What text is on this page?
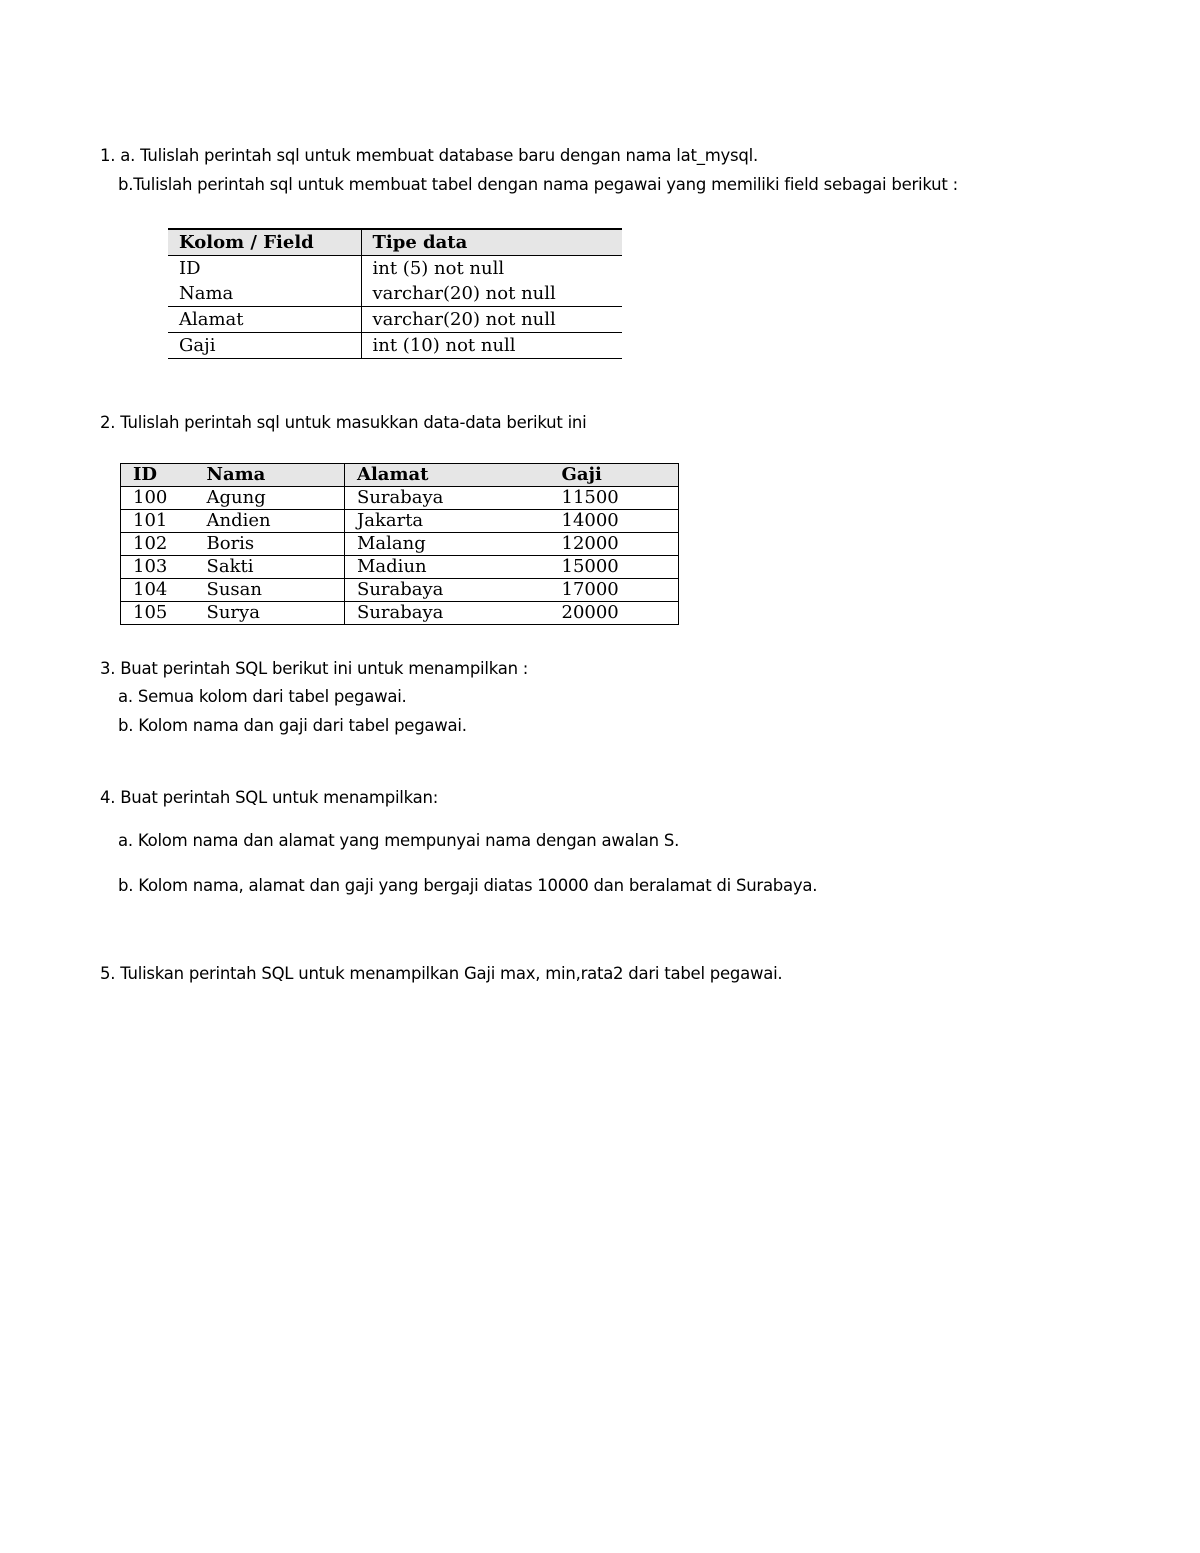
1. a. Tulislah perintah sql untuk membuat database baru dengan nama lat_mysql.
b.Tulislah perintah sql untuk membuat tabel dengan nama pegawai yang memiliki field sebagai berikut :
Kolom / Field	Tipe data
ID	int (5) not null
Nama	varchar(20) not null
Alamat	varchar(20) not null
Gaji	int (10) not null
2. Tulislah perintah sql untuk masukkan data-data berikut ini
ID	Nama	Alamat	Gaji
100	Agung	Surabaya	11500
101	Andien	Jakarta	14000
102	Boris	Malang	12000
103	Sakti	Madiun	15000
104	Susan	Surabaya	17000
105	Surya	Surabaya	20000
3. Buat perintah SQL berikut ini untuk menampilkan :
a. Semua kolom dari tabel pegawai.
b. Kolom nama dan gaji dari tabel pegawai.
4. Buat perintah SQL untuk menampilkan:
a. Kolom nama dan alamat yang mempunyai nama dengan awalan S.
b. Kolom nama, alamat dan gaji yang bergaji diatas 10000 dan beralamat di Surabaya.
5. Tuliskan perintah SQL untuk menampilkan Gaji max, min,rata2 dari tabel pegawai.
